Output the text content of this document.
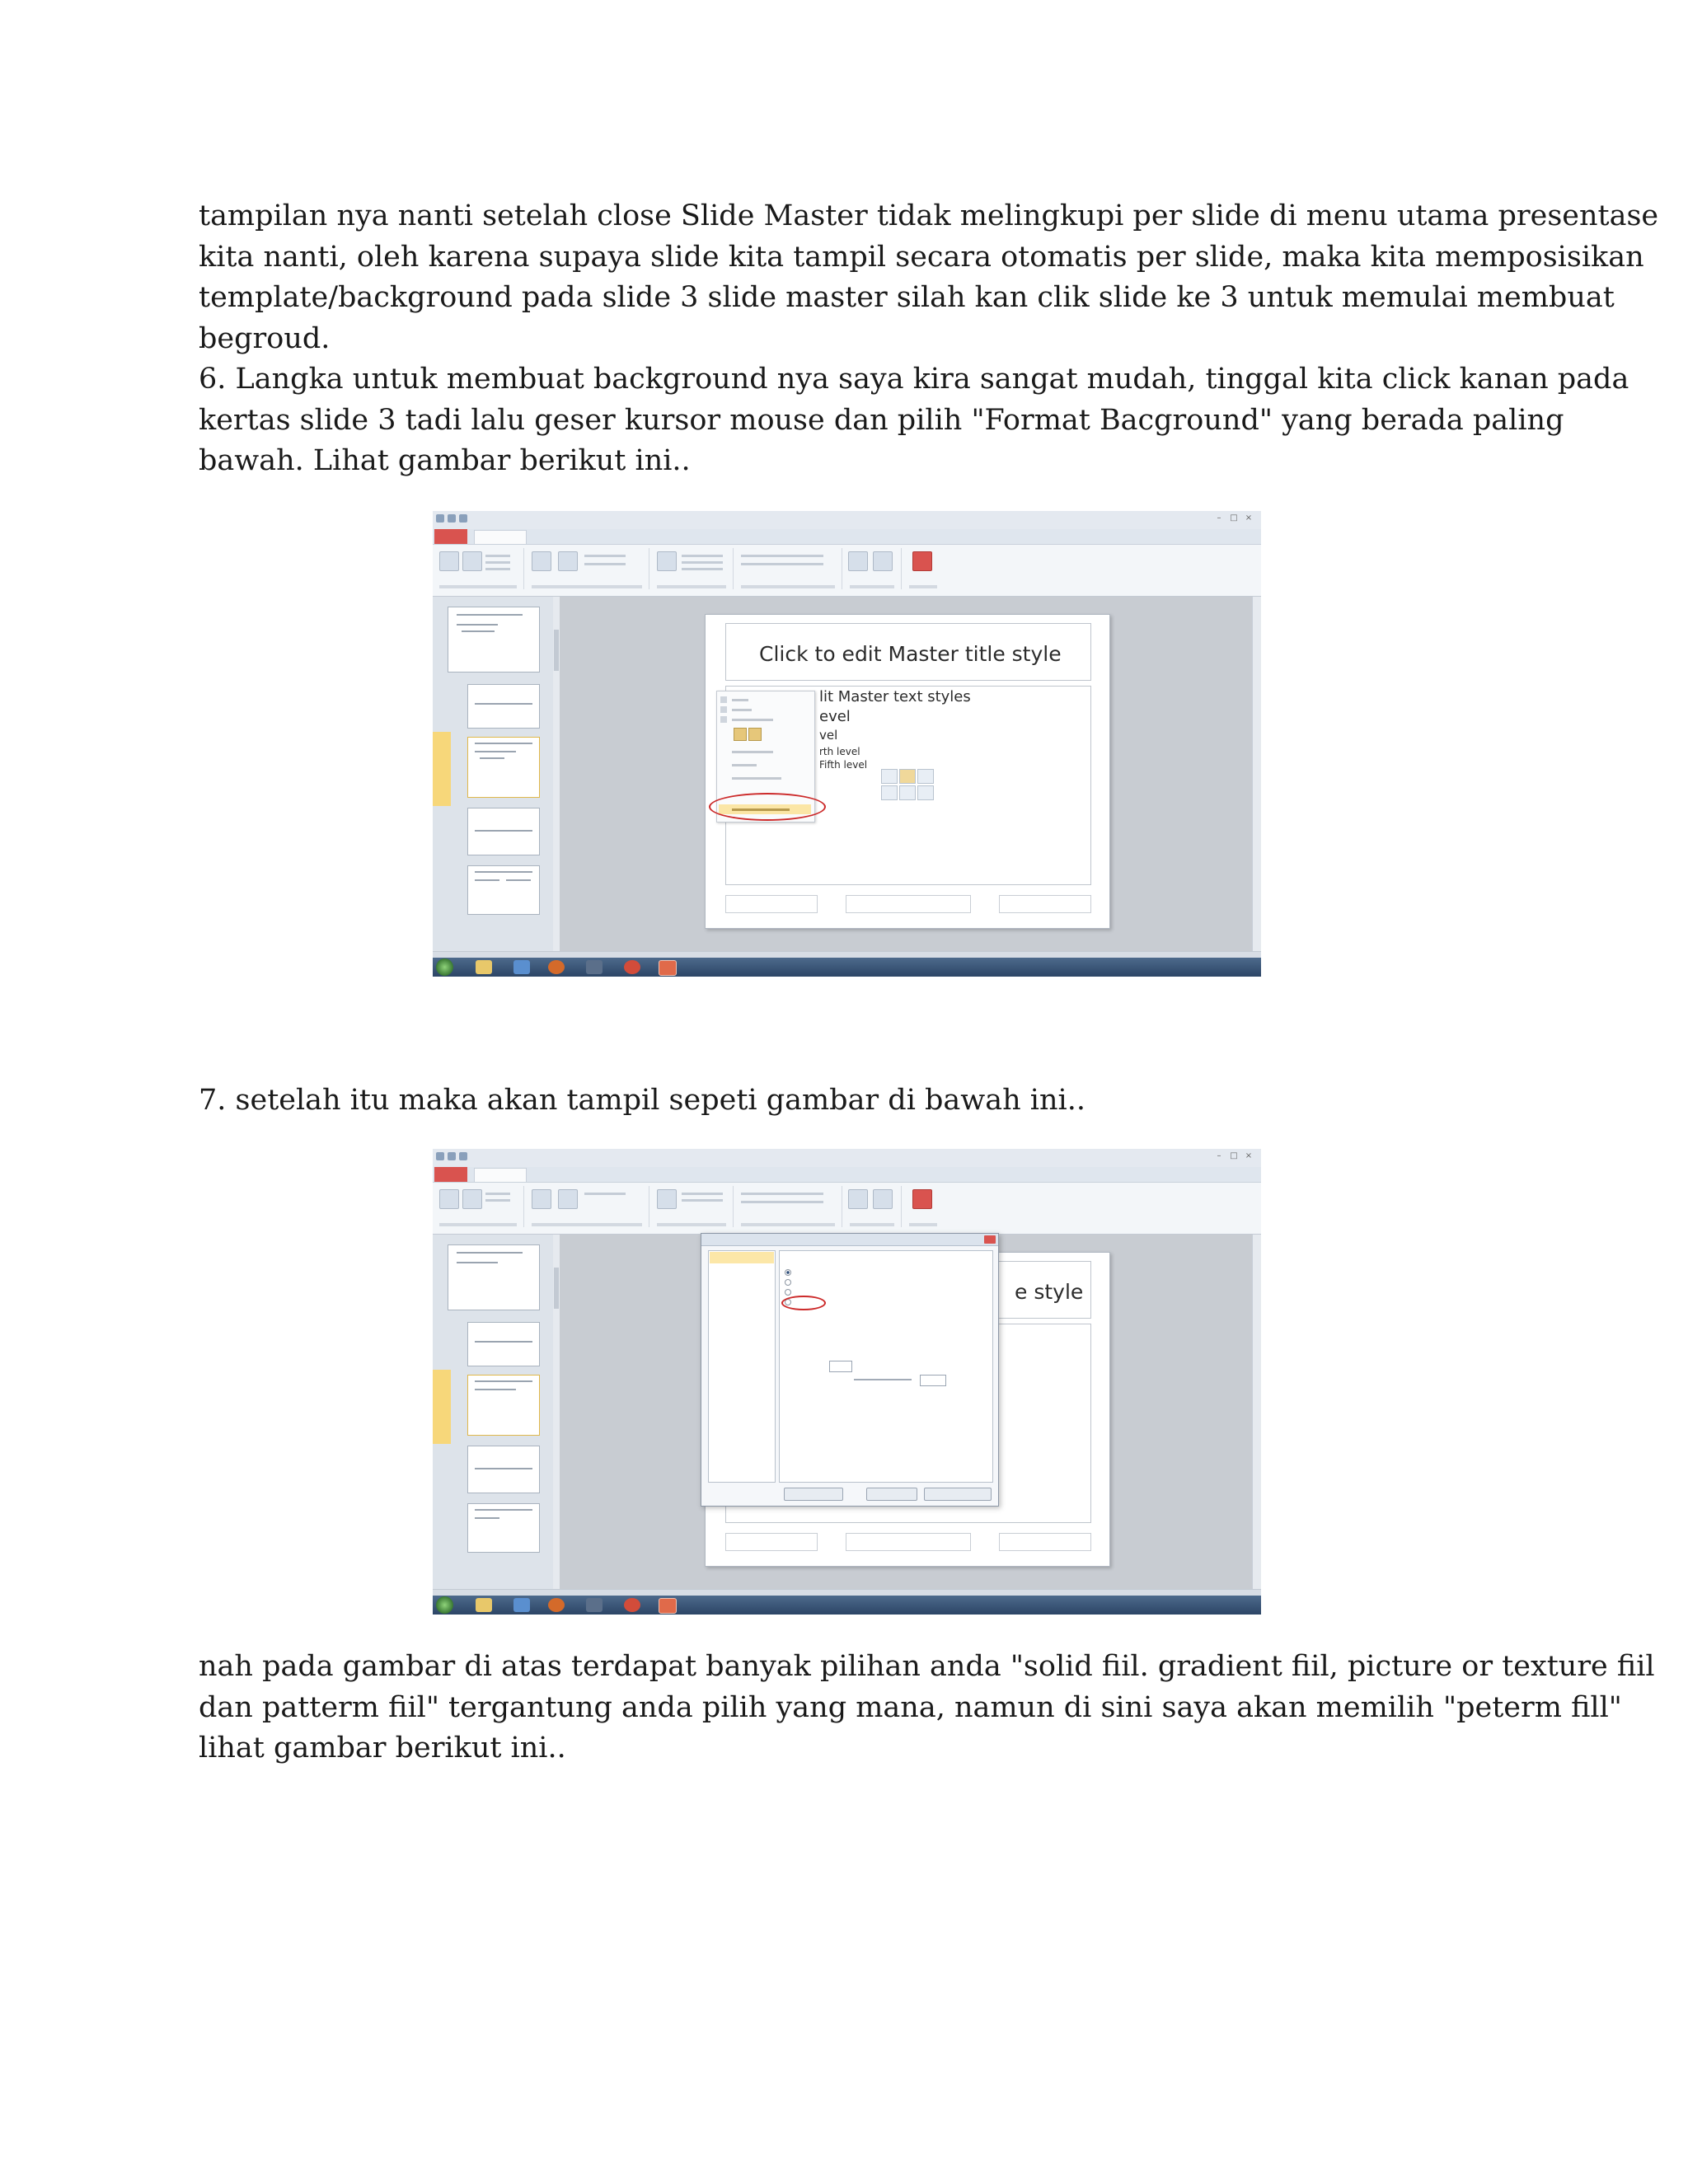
tampilan nya nanti setelah close Slide Master tidak melingkupi per slide di menu utama presentase
kita nanti, oleh karena supaya slide kita tampil secara otomatis per slide, maka kita memposisikan
template/background pada slide 3 slide master silah kan clik slide ke 3 untuk memulai membuat
begroud.
6. Langka untuk membuat background nya saya kira sangat mudah, tinggal kita click kanan pada
kertas slide 3 tadi lalu geser kursor mouse dan pilih "Format Bacground" yang berada paling
bawah. Lihat gambar berikut ini..

–	□ ×
Click to edit Master title style
lit Master text styles
evel
vel
rth level
Fifth level
7. setelah itu maka akan tampil sepeti gambar di bawah ini..
–	□ ×
e style
nah pada gambar di atas terdapat banyak pilihan anda "solid fiil. gradient fiil, picture or texture fiil
dan patterm fiil" tergantung anda pilih yang mana, namun di sini saya akan memilih "peterm fill"
lihat gambar berikut ini..
